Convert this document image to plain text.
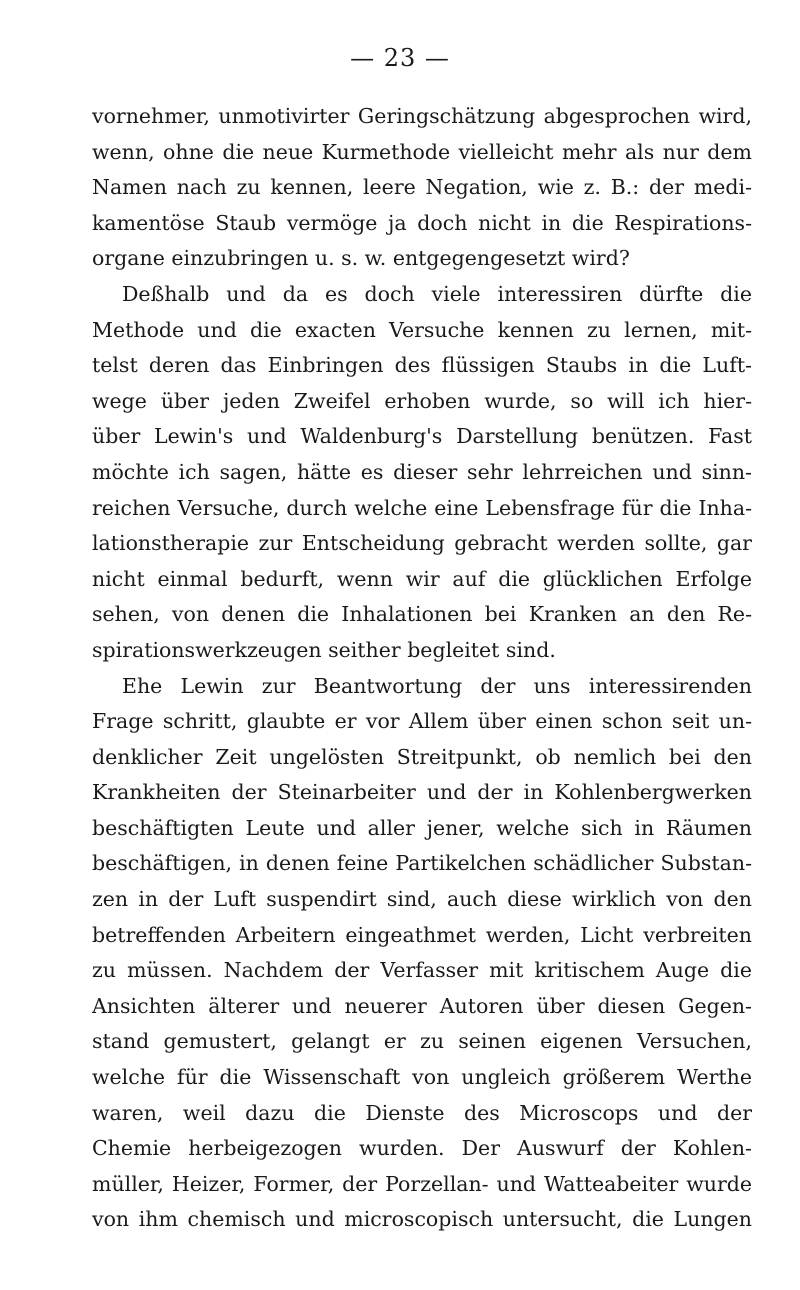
— 23 —
vornehmer, unmotivirter Geringschätzung abgesprochen wird,
wenn, ohne die neue Kurmethode vielleicht mehr als nur dem
Namen nach zu kennen, leere Negation, wie z. B.: der medi-
kamentöse Staub vermöge ja doch nicht in die Respirations-
organe einzubringen u. s. w. entgegengesetzt wird?
Deßhalb und da es doch viele interessiren dürfte die
Methode und die exacten Versuche kennen zu lernen, mit-
telst deren das Einbringen des flüssigen Staubs in die Luft-
wege über jeden Zweifel erhoben wurde, so will ich hier-
über Lewin's und Waldenburg's Darstellung benützen. Fast
möchte ich sagen, hätte es dieser sehr lehrreichen und sinn-
reichen Versuche, durch welche eine Lebensfrage für die Inha-
lationstherapie zur Entscheidung gebracht werden sollte, gar
nicht einmal bedurft, wenn wir auf die glücklichen Erfolge
sehen, von denen die Inhalationen bei Kranken an den Re-
spirationswerkzeugen seither begleitet sind.
Ehe Lewin zur Beantwortung der uns interessirenden
Frage schritt, glaubte er vor Allem über einen schon seit un-
denklicher Zeit ungelösten Streitpunkt, ob nemlich bei den
Krankheiten der Steinarbeiter und der in Kohlenbergwerken
beschäftigten Leute und aller jener, welche sich in Räumen
beschäftigen, in denen feine Partikelchen schädlicher Substan-
zen in der Luft suspendirt sind, auch diese wirklich von den
betreffenden Arbeitern eingeathmet werden, Licht verbreiten
zu müssen. Nachdem der Verfasser mit kritischem Auge die
Ansichten älterer und neuerer Autoren über diesen Gegen-
stand gemustert, gelangt er zu seinen eigenen Versuchen,
welche für die Wissenschaft von ungleich größerem Werthe
waren, weil dazu die Dienste des Microscops und der
Chemie herbeigezogen wurden. Der Auswurf der Kohlen-
müller, Heizer, Former, der Porzellan- und Watteabeiter wurde
von ihm chemisch und microscopisch untersucht, die Lungen
